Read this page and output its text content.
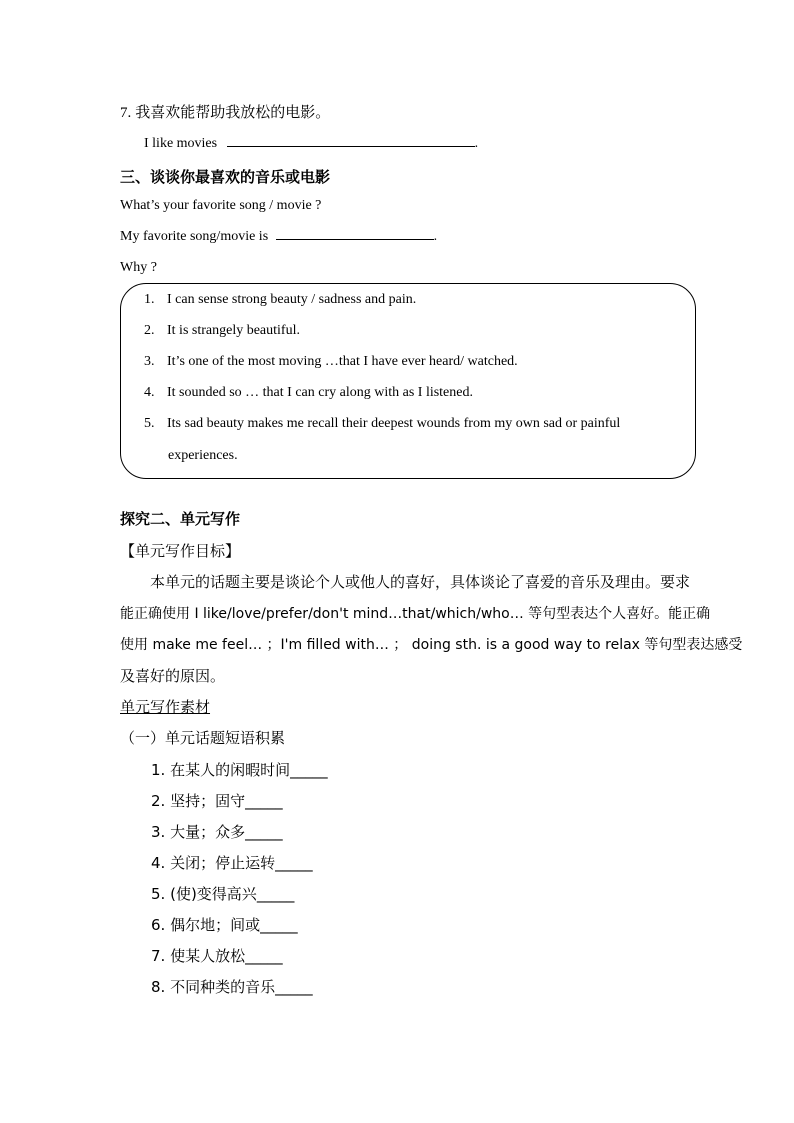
7. 我喜欢能帮助我放松的电影。
I like movies	.
三、谈谈你最喜欢的音乐或电影
What’s your favorite song / movie ?
My favorite song/movie is	.
Why ?
1. I can sense strong beauty / sadness and pain.
2. It is strangely beautiful.
3. It’s one of the most moving …that I have ever heard/ watched.
4. It sounded so … that I can cry along with as I listened.
5. Its sad beauty makes me recall their deepest wounds from my own sad or painful
experiences.
探究二、单元写作
【单元写作目标】
本单元的话题主要是谈论个人或他人的喜好，具体谈论了喜爱的音乐及理由。要求
能正确使用 I like/love/prefer/don't mind…that/which/who… 等句型表达个人喜好。能正确
使用 make me feel… ；I'm filled with… ； doing sth. is a good way to relax 等句型表达感受
及喜好的原因。
单元写作素材
（一）单元话题短语积累
1. 在某人的闲暇时间_____
2. 坚持；固守_____
3. 大量；众多_____
4. 关闭；停止运转_____
5. (使)变得高兴_____
6. 偶尔地；间或_____
7. 使某人放松_____
8. 不同种类的音乐_____
